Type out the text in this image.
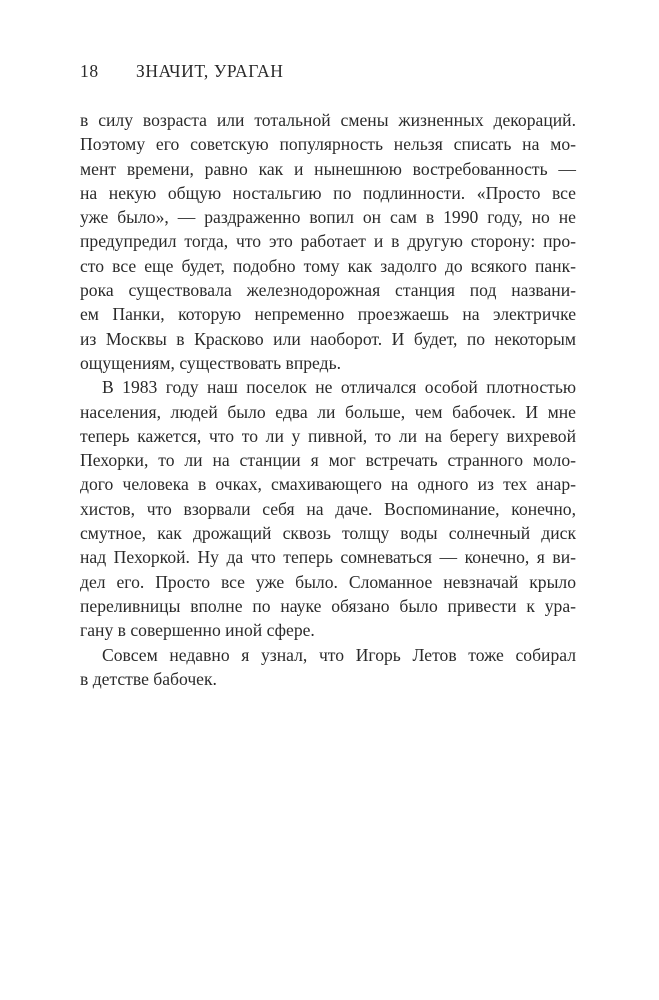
18 ЗНАЧИТ, УРАГАН
в силу возраста или тотальной смены жизненных декораций.
Поэтому его советскую популярность нельзя списать на мо-
мент времени, равно как и нынешнюю востребованность —
на некую общую ностальгию по подлинности. «Просто все
уже было», — раздраженно вопил он сам в 1990 году, но не
предупредил тогда, что это работает и в другую сторону: про-
сто все еще будет, подобно тому как задолго до всякого панк-
рока существовала железнодорожная станция под названи-
ем Панки, которую непременно проезжаешь на электричке
из Москвы в Красково или наоборот. И будет, по некоторым
ощущениям, существовать впредь.
В 1983 году наш поселок не отличался особой плотностью
населения, людей было едва ли больше, чем бабочек. И мне
теперь кажется, что то ли у пивной, то ли на берегу вихревой
Пехорки, то ли на станции я мог встречать странного моло-
дого человека в очках, смахивающего на одного из тех анар-
хистов, что взорвали себя на даче. Воспоминание, конечно,
смутное, как дрожащий сквозь толщу воды солнечный диск
над Пехоркой. Ну да что теперь сомневаться — конечно, я ви-
дел его. Просто все уже было. Сломанное невзначай крыло
переливницы вполне по науке обязано было привести к ура-
гану в совершенно иной сфере.
Совсем недавно я узнал, что Игорь Летов тоже собирал
в детстве бабочек.
